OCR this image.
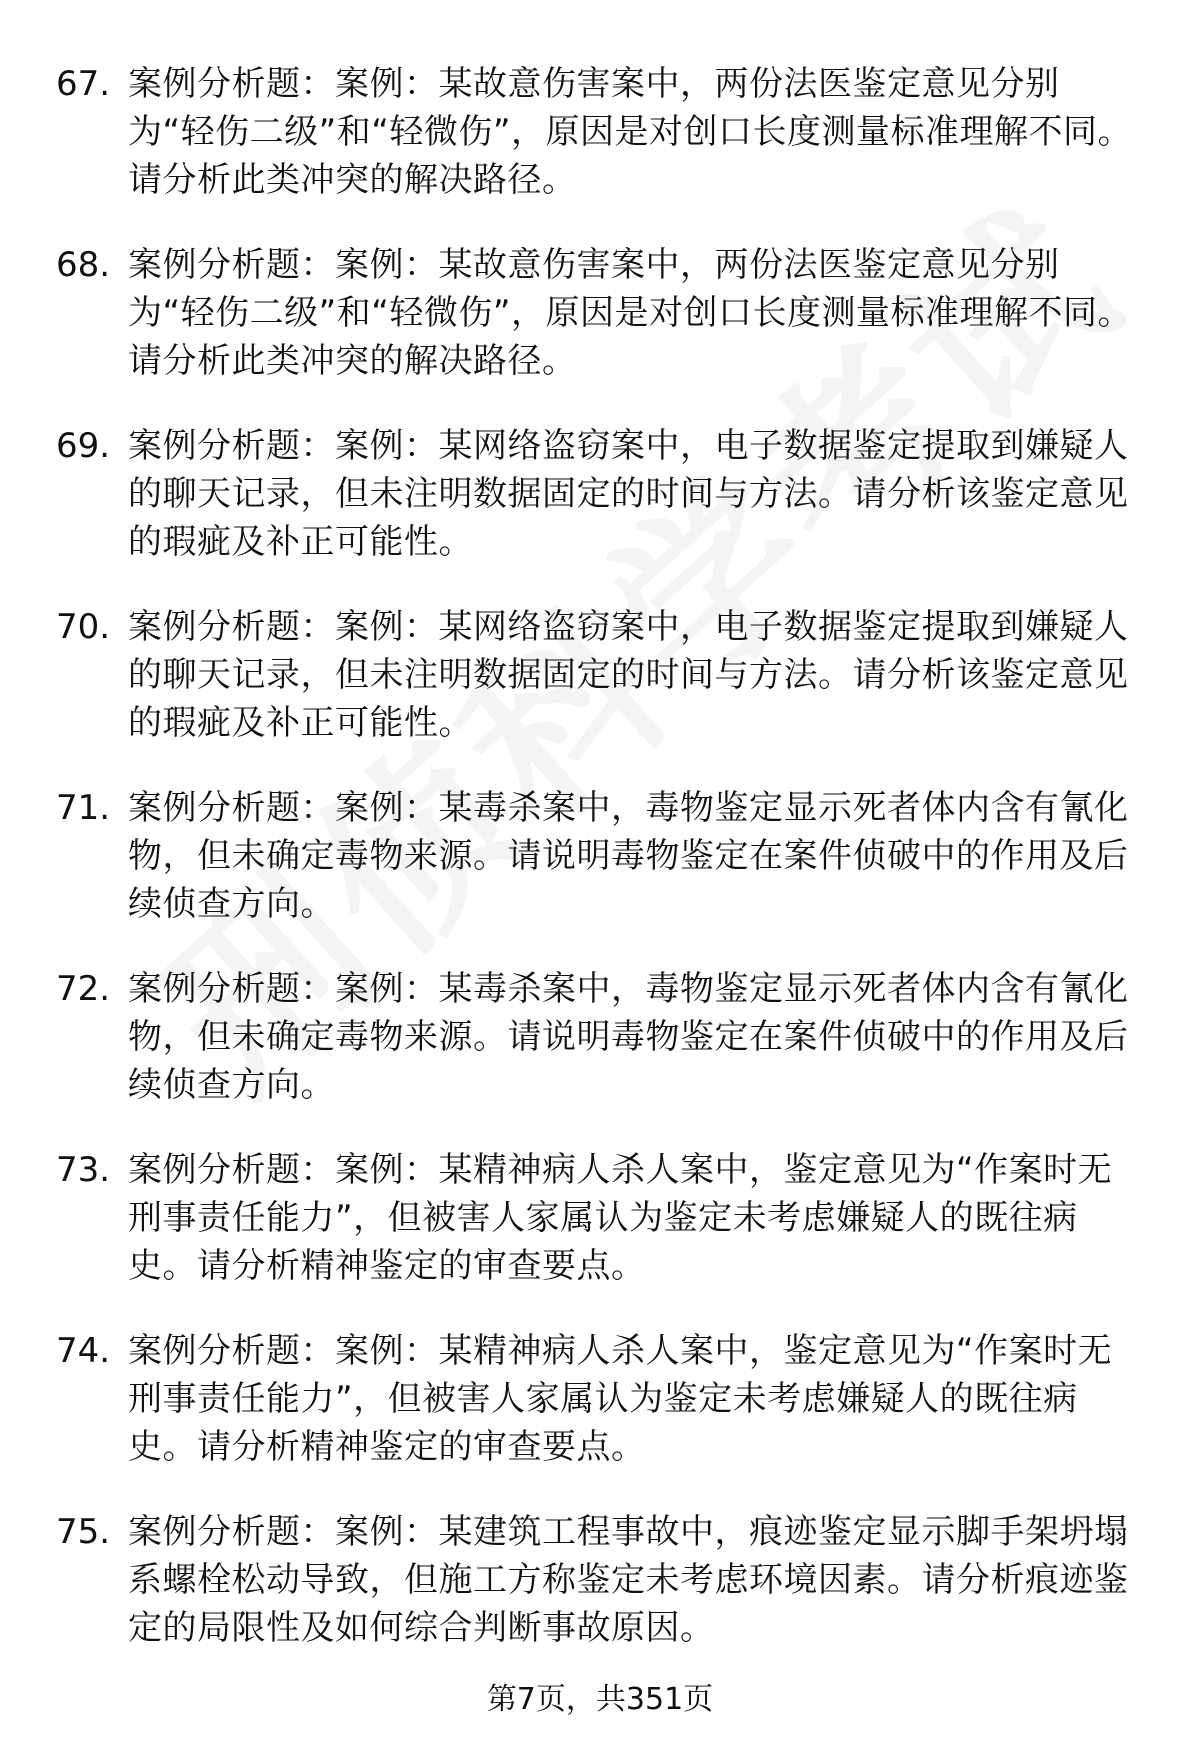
67. 案例分析题：案例：某故意伤害案中，两份法医鉴定意见分别为“轻伤二级”和“轻微伤”，原因是对创口长度测量标准理解不同。请分析此类冲突的解决路径。
68. 案例分析题：案例：某故意伤害案中，两份法医鉴定意见分别为“轻伤二级”和“轻微伤”，原因是对创口长度测量标准理解不同。请分析此类冲突的解决路径。
69. 案例分析题：案例：某网络盗窃案中，电子数据鉴定提取到嫌疑人的聊天记录，但未注明数据固定的时间与方法。请分析该鉴定意见的瑕疵及补正可能性。
70. 案例分析题：案例：某网络盗窃案中，电子数据鉴定提取到嫌疑人的聊天记录，但未注明数据固定的时间与方法。请分析该鉴定意见的瑕疵及补正可能性。
71. 案例分析题：案例：某毒杀案中，毒物鉴定显示死者体内含有氰化物，但未确定毒物来源。请说明毒物鉴定在案件侦破中的作用及后续侦查方向。
72. 案例分析题：案例：某毒杀案中，毒物鉴定显示死者体内含有氰化物，但未确定毒物来源。请说明毒物鉴定在案件侦破中的作用及后续侦查方向。
73. 案例分析题：案例：某精神病人杀人案中，鉴定意见为“作案时无刑事责任能力”，但被害人家属认为鉴定未考虑嫌疑人的既往病史。请分析精神鉴定的审查要点。
74. 案例分析题：案例：某精神病人杀人案中，鉴定意见为“作案时无刑事责任能力”，但被害人家属认为鉴定未考虑嫌疑人的既往病史。请分析精神鉴定的审查要点。
75. 案例分析题：案例：某建筑工程事故中，痕迹鉴定显示脚手架坍塌系螺栓松动导致，但施工方称鉴定未考虑环境因素。请分析痕迹鉴定的局限性及如何综合判断事故原因。
第7页，共351页
